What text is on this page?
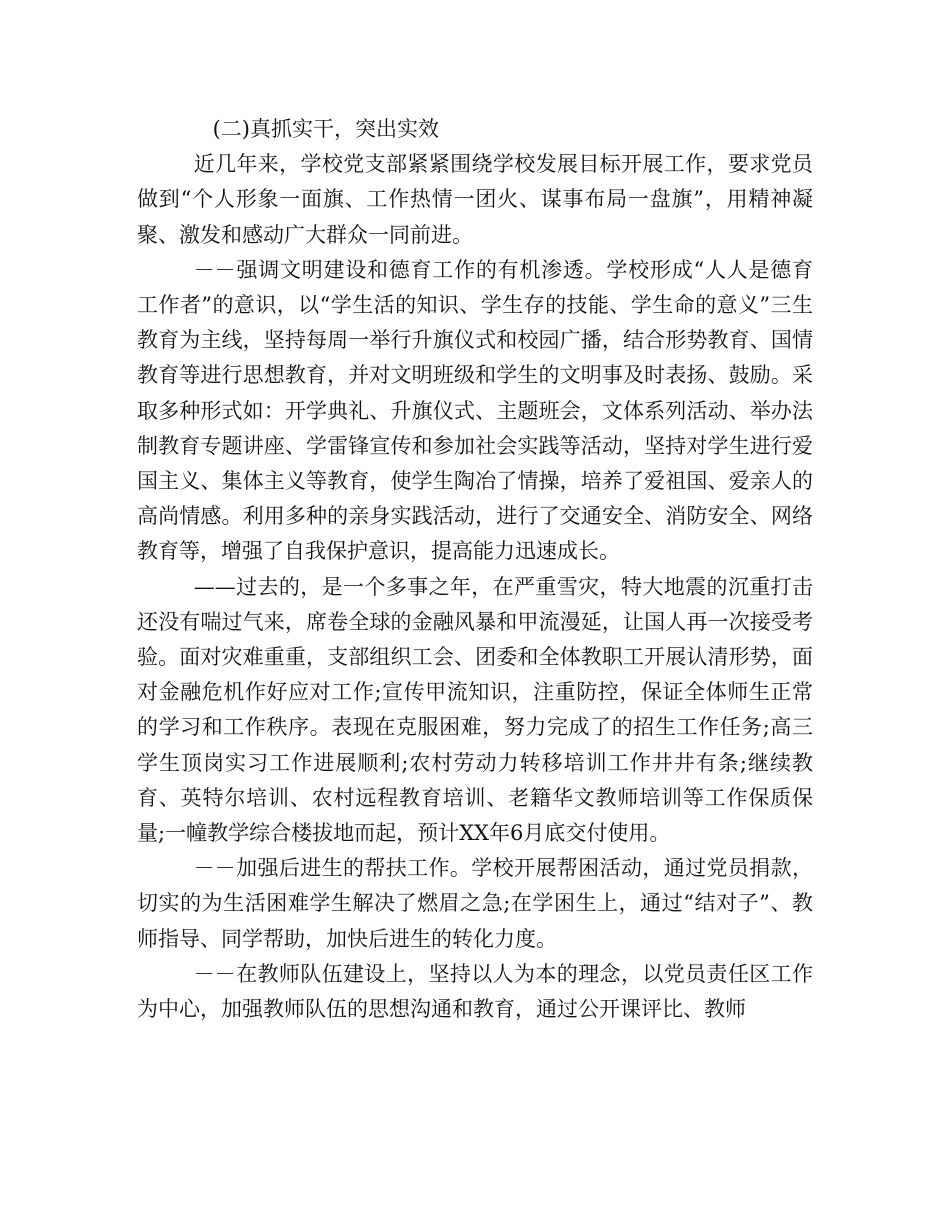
(二)真抓实干，突出实效

近几年来，学校党支部紧紧围绕学校发展目标开展工作，要求党员做到“个人形象一面旗、工作热情一团火、谋事布局一盘旗”，用精神凝聚、激发和感动广大群众一同前进。

－－强调文明建设和德育工作的有机渗透。学校形成“人人是德育工作者”的意识，以“学生活的知识、学生存的技能、学生命的意义”三生教育为主线，坚持每周一举行升旗仪式和校园广播，结合形势教育、国情教育等进行思想教育，并对文明班级和学生的文明事及时表扬、鼓励。采取多种形式如：开学典礼、升旗仪式、主题班会，文体系列活动、举办法制教育专题讲座、学雷锋宣传和参加社会实践等活动，坚持对学生进行爱国主义、集体主义等教育，使学生陶冶了情操，培养了爱祖国、爱亲人的高尚情感。利用多种的亲身实践活动，进行了交通安全、消防安全、网络教育等，增强了自我保护意识，提高能力迅速成长。

——过去的，是一个多事之年，在严重雪灾，特大地震的沉重打击还没有喘过气来，席卷全球的金融风暴和甲流漫延，让国人再一次接受考验。面对灾难重重，支部组织工会、团委和全体教职工开展认清形势，面对金融危机作好应对工作;宣传甲流知识，注重防控，保证全体师生正常的学习和工作秩序。表现在克服困难，努力完成了的招生工作任务;高三学生顶岗实习工作进展顺利;农村劳动力转移培训工作井井有条;继续教育、英特尔培训、农村远程教育培训、老籍华文教师培训等工作保质保量;一幢教学综合楼拔地而起，预计XX年6月底交付使用。

－－加强后进生的帮扶工作。学校开展帮困活动，通过党员捐款，切实的为生活困难学生解决了燃眉之急;在学困生上，通过“结对子”、教师指导、同学帮助，加快后进生的转化力度。

－－在教师队伍建设上，坚持以人为本的理念，以党员责任区工作为中心，加强教师队伍的思想沟通和教育，通过公开课评比、教师
